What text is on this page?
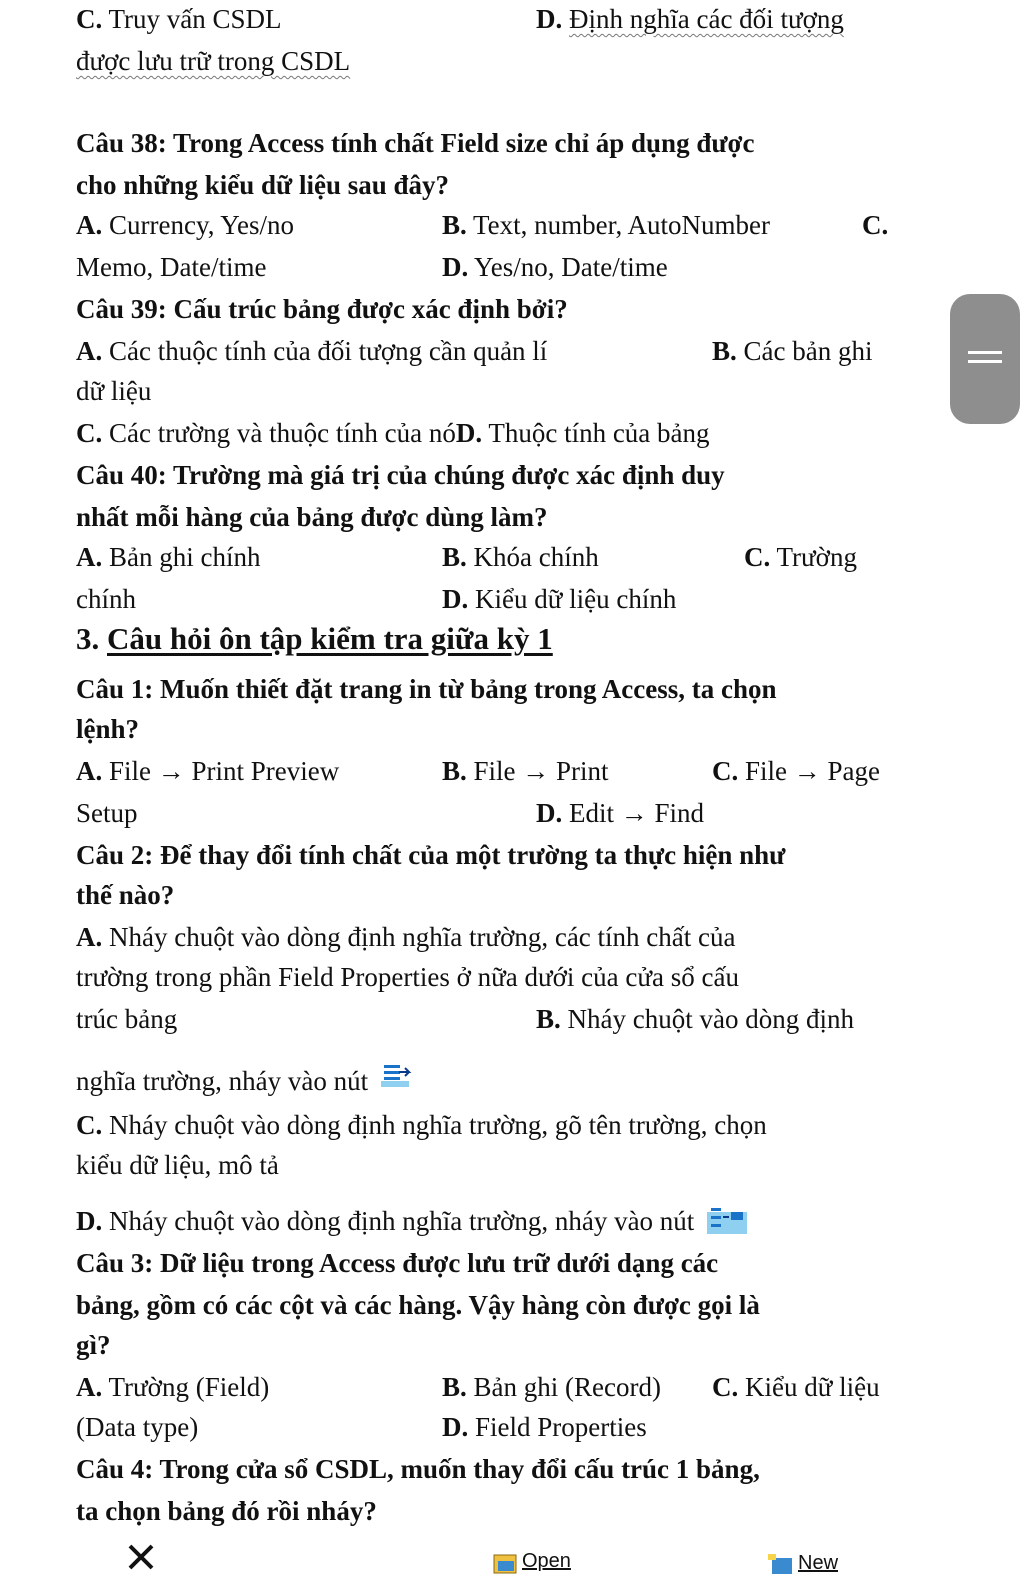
C. Truy vấn CSDL	D. Định nghĩa các đối tượng
được lưu trữ trong CSDL
Câu 38: Trong Access tính chất Field size chỉ áp dụng được
cho những kiểu dữ liệu sau đây?
A. Currency, Yes/no	B. Text, number, AutoNumber	C.
Memo, Date/time	D. Yes/no, Date/time
Câu 39: Cấu trúc bảng được xác định bởi?
A. Các thuộc tính của đối tượng cần quản lí	B. Các bản ghi
dữ liệu
C. Các trường và thuộc tính của nóD. Thuộc tính của bảng
Câu 40: Trường mà giá trị của chúng được xác định duy
nhất mỗi hàng của bảng được dùng làm?
A. Bản ghi chính	B. Khóa chính	C. Trường
chính	D. Kiểu dữ liệu chính
3. Câu hỏi ôn tập kiểm tra giữa kỳ 1
Câu 1: Muốn thiết đặt trang in từ bảng trong Access, ta chọn
lệnh?
A. File → Print Preview	B. File → Print	C. File → Page
Setup	D. Edit → Find
Câu 2: Để thay đổi tính chất của một trường ta thực hiện như
thế nào?
A. Nháy chuột vào dòng định nghĩa trường, các tính chất của
trường trong phần Field Properties ở nữa dưới của cửa sổ cấu
trúc bảng	B. Nháy chuột vào dòng định
nghĩa trường, nháy vào nút
C. Nháy chuột vào dòng định nghĩa trường, gõ tên trường, chọn
kiểu dữ liệu, mô tả
D. Nháy chuột vào dòng định nghĩa trường, nháy vào nút
Câu 3: Dữ liệu trong Access được lưu trữ dưới dạng các
bảng, gồm có các cột và các hàng. Vậy hàng còn được gọi là
gì?
A. Trường (Field)	B. Bản ghi (Record) C. Kiểu dữ liệu
(Data type)	D. Field Properties
Câu 4: Trong cửa sổ CSDL, muốn thay đổi cấu trúc 1 bảng,
ta chọn bảng đó rồi nháy?
Open	New
